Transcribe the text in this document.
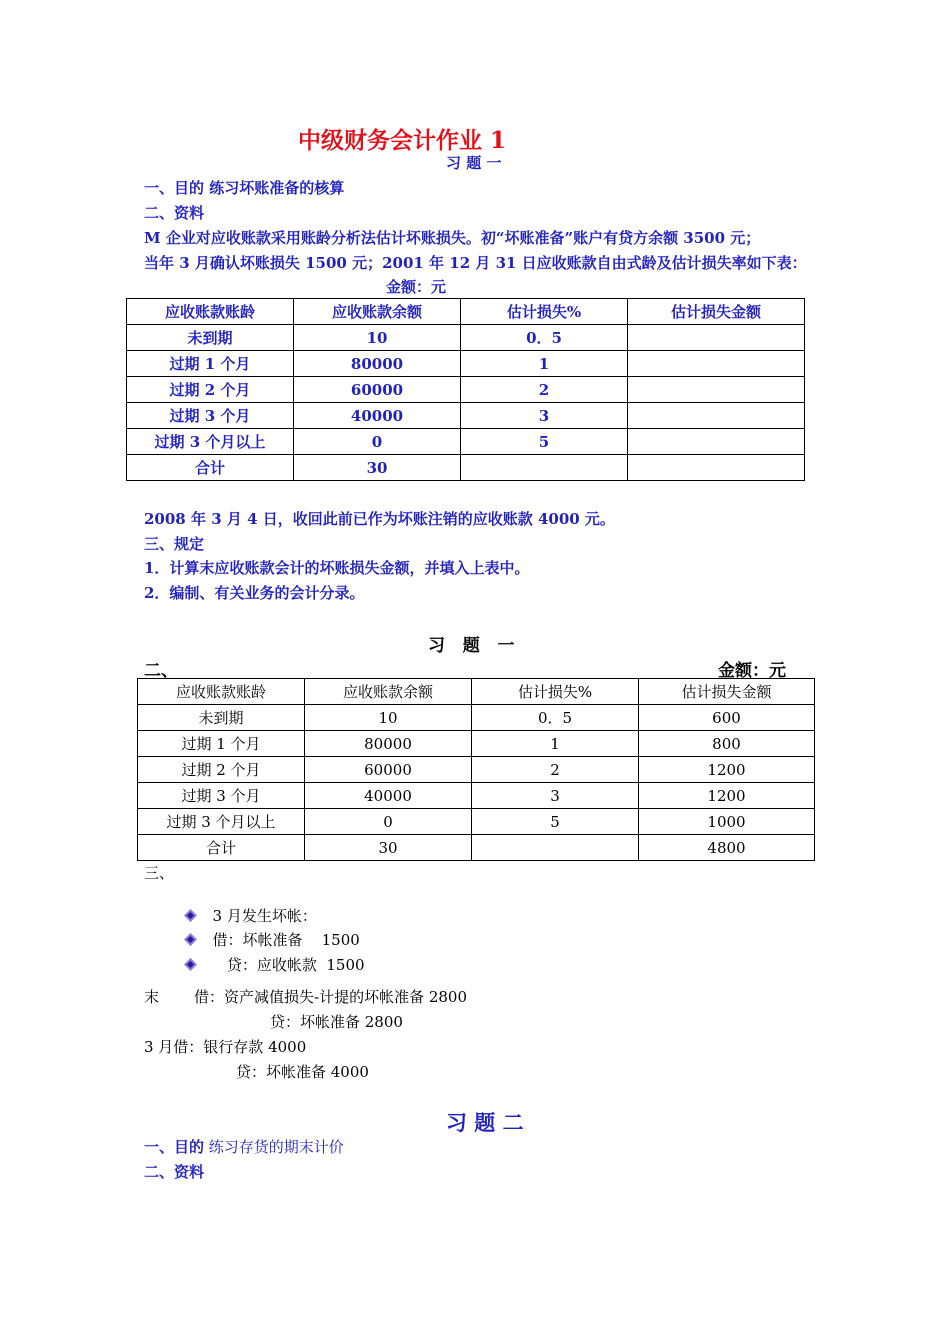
中级财务会计作业 1
习 题 一
一、目的 练习坏账准备的核算
二、资料
M 企业对应收账款采用账龄分析法估计坏账损失。初“坏账准备”账户有贷方余额 3500 元；
当年 3 月确认坏账损失 1500 元；2001 年 12 月 31 日应收账款自由式龄及估计损失率如下表：
金额：元
应收账款账龄	应收账款余额	估计损失%	估计损失金额
未到期	10	0．5	
过期 1 个月	80000	1	
过期 2 个月	60000	2	
过期 3 个月	40000	3	
过期 3 个月以上	0	5	
合计	30		
2008 年 3 月 4 日，收回此前已作为坏账注销的应收账款 4000 元。
三、规定
1．计算末应收账款会计的坏账损失金额，并填入上表中。
2．编制、有关业务的会计分录。
习   题   一
二、	金额：元
应收账款账龄	应收账款余额	估计损失%	估计损失金额
未到期	10	0．5	600
过期 1 个月	80000	1	800
过期 2 个月	60000	2	1200
过期 3 个月	40000	3	1200
过期 3 个月以上	0	5	1000
合计	30		4800
三、

3 月发生坏帐：

借：坏帐准备    1500

贷：应收帐款  1500

末 借：资产减值损失-计提的坏帐准备 2800
贷：坏帐准备 2800
3 月借：银行存款 4000
贷：坏帐准备 4000
习 题 二
一、目的 练习存货的期末计价
二、资料
